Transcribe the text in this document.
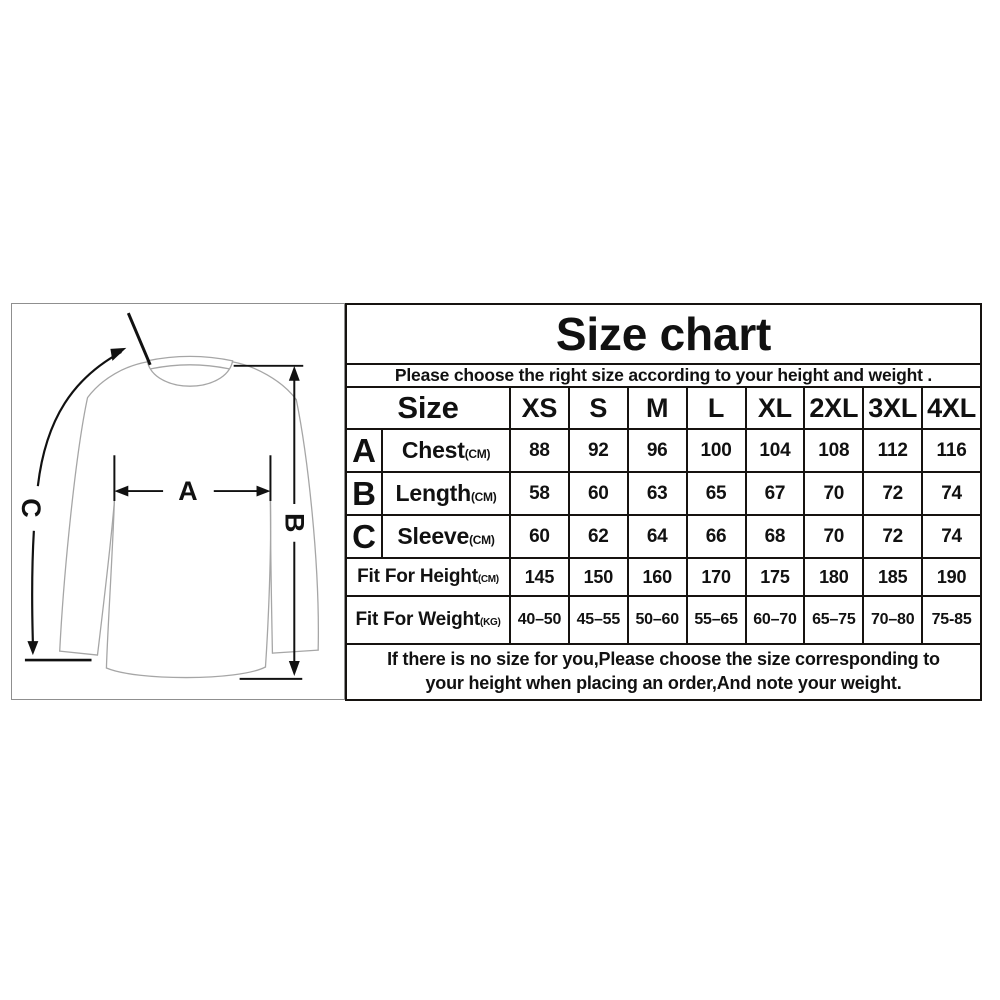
A
B
C
Size chart									
Please choose the right size according to your height and weight .									
Size		XS	S	M	L	XL	2XL	3XL	4XL
A	Chest(CM)	88	92	96	100	104	108	112	116
B	Length(CM)	58	60	63	65	67	70	72	74
C	Sleeve(CM)	60	62	64	66	68	70	72	74
Fit For Height(CM)		145	150	160	170	175	180	185	190
Fit For Weight(KG)		40–50	45–55	50–60	55–65	60–70	65–75	70–80	75-85

If there is no size for you,Please choose the size corresponding to
your height when placing an order,And note your weight.									
